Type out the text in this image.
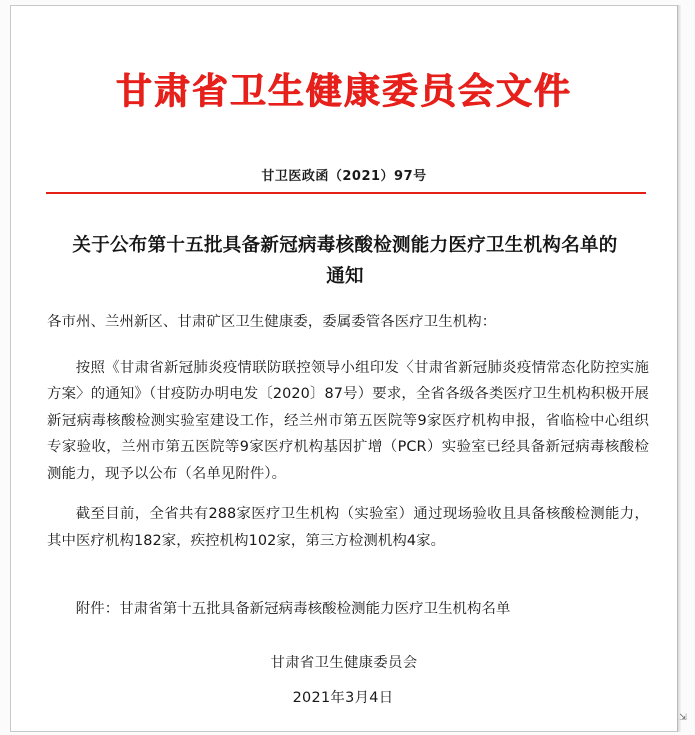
甘肃省卫生健康委员会文件
甘卫医政函（2021）97号
关于公布第十五批具备新冠病毒核酸检测能力医疗卫生机构名单的通知

各市州、兰州新区、甘肃矿区卫生健康委，委属委管各医疗卫生机构：

按照《甘肃省新冠肺炎疫情联防联控领导小组印发〈甘肃省新冠肺炎疫情常态化防控实施方案〉的通知》（甘疫防办明电发〔2020〕87号）要求，全省各级各类医疗卫生机构积极开展新冠病毒核酸检测实验室建设工作，经兰州市第五医院等9家医疗机构申报，省临检中心组织专家验收，兰州市第五医院等9家医疗机构基因扩增（PCR）实验室已经具备新冠病毒核酸检测能力，现予以公布（名单见附件）。

截至目前，全省共有288家医疗卫生机构（实验室）通过现场验收且具备核酸检测能力，其中医疗机构182家，疾控机构102家，第三方检测机构4家。

附件：甘肃省第十五批具备新冠病毒核酸检测能力医疗卫生机构名单

甘肃省卫生健康委员会
2021年3月4日
⇲
